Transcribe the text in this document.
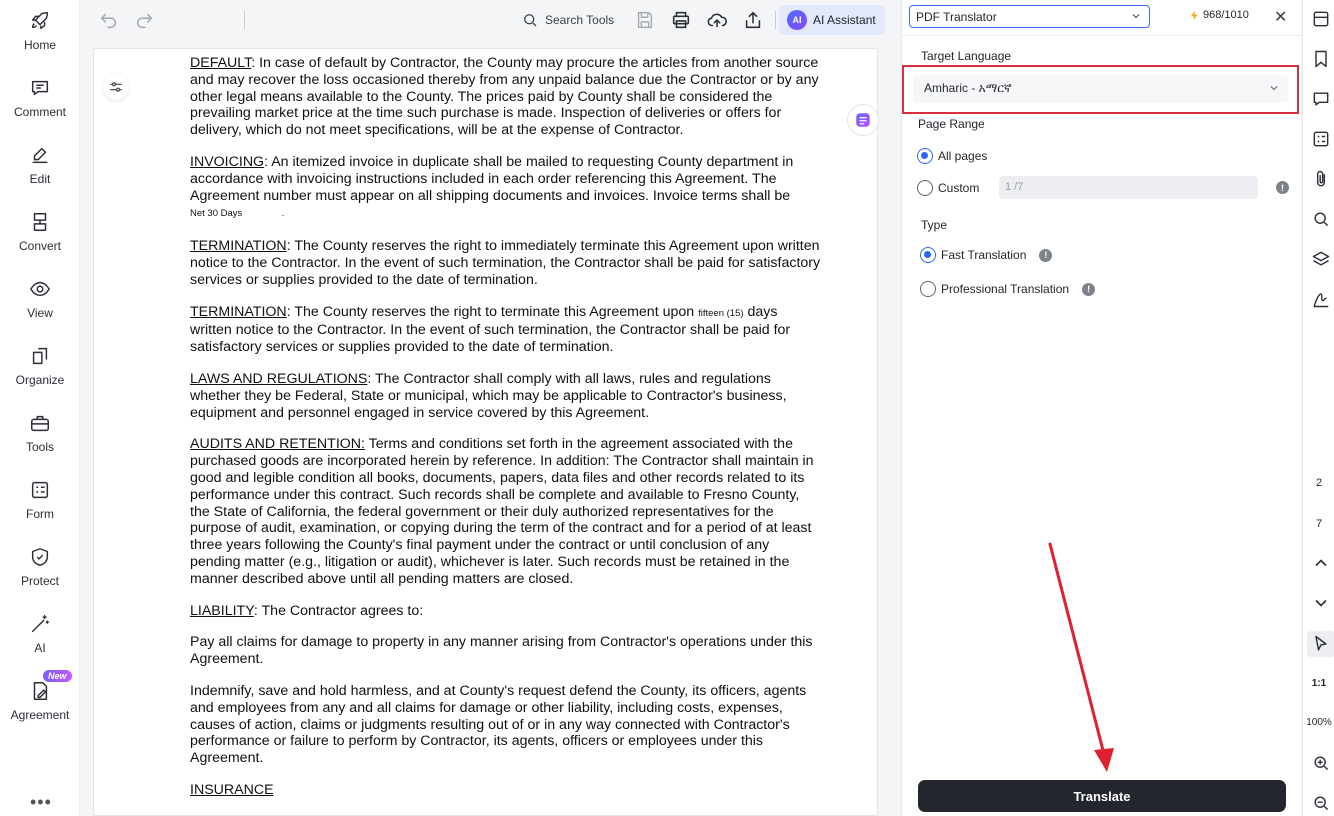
Home
Comment
Edit
Convert
View
Organize
Tools
Form
Protect
AI
Agreement
New
•••
Search Tools	AI AI Assistant

DEFAULT: In case of default by Contractor, the County may procure the articles from another source and may recover the loss occasioned thereby from any unpaid balance due the Contractor or by any other legal means available to the County. The prices paid by County shall be considered the prevailing market price at the time such purchase is made. Inspection of deliveries or offers for delivery, which do not meet specifications, will be at the expense of Contractor.

INVOICING: An itemized invoice in duplicate shall be mailed to requesting County department in accordance with invoicing instructions included in each order referencing this Agreement. The Agreement number must appear on all shipping documents and invoices. Invoice terms shall be
Net 30 Days	.

TERMINATION: The County reserves the right to immediately terminate this Agreement upon written notice to the Contractor. In the event of such termination, the Contractor shall be paid for satisfactory services or supplies provided to the date of termination.

TERMINATION: The County reserves the right to terminate this Agreement upon fifteen (15) days written notice to the Contractor. In the event of such termination, the Contractor shall be paid for satisfactory services or supplies provided to the date of termination.

LAWS AND REGULATIONS: The Contractor shall comply with all laws, rules and regulations whether they be Federal, State or municipal, which may be applicable to Contractor's business, equipment and personnel engaged in service covered by this Agreement.

AUDITS AND RETENTION: Terms and conditions set forth in the agreement associated with the purchased goods are incorporated herein by reference. In addition: The Contractor shall maintain in good and legible condition all books, documents, papers, data files and other records related to its performance under this contract. Such records shall be complete and available to Fresno County, the State of California, the federal government or their duly authorized representatives for the purpose of audit, examination, or copying during the term of the contract and for a period of at least three years following the County's final payment under the contract or until conclusion of any pending matter (e.g., litigation or audit), whichever is later. Such records must be retained in the manner described above until all pending matters are closed.

LIABILITY: The Contractor agrees to:

Pay all claims for damage to property in any manner arising from Contractor's operations under this Agreement.

Indemnify, save and hold harmless, and at County's request defend the County, its officers, agents and employees from any and all claims for damage or other liability, including costs, expenses, causes of action, claims or judgments resulting out of or in any way connected with Contractor's performance or failure to perform by Contractor, its agents, officers or employees under this Agreement.

INSURANCE

PDF Translator	968/1010 ✕
Target Language
Amharic - አማርኛ
Page Range
All pages
Custom	1 /7	!
Type
Fast Translation	!
Professional Translation	!
Translate
2
7
1:1
100%
